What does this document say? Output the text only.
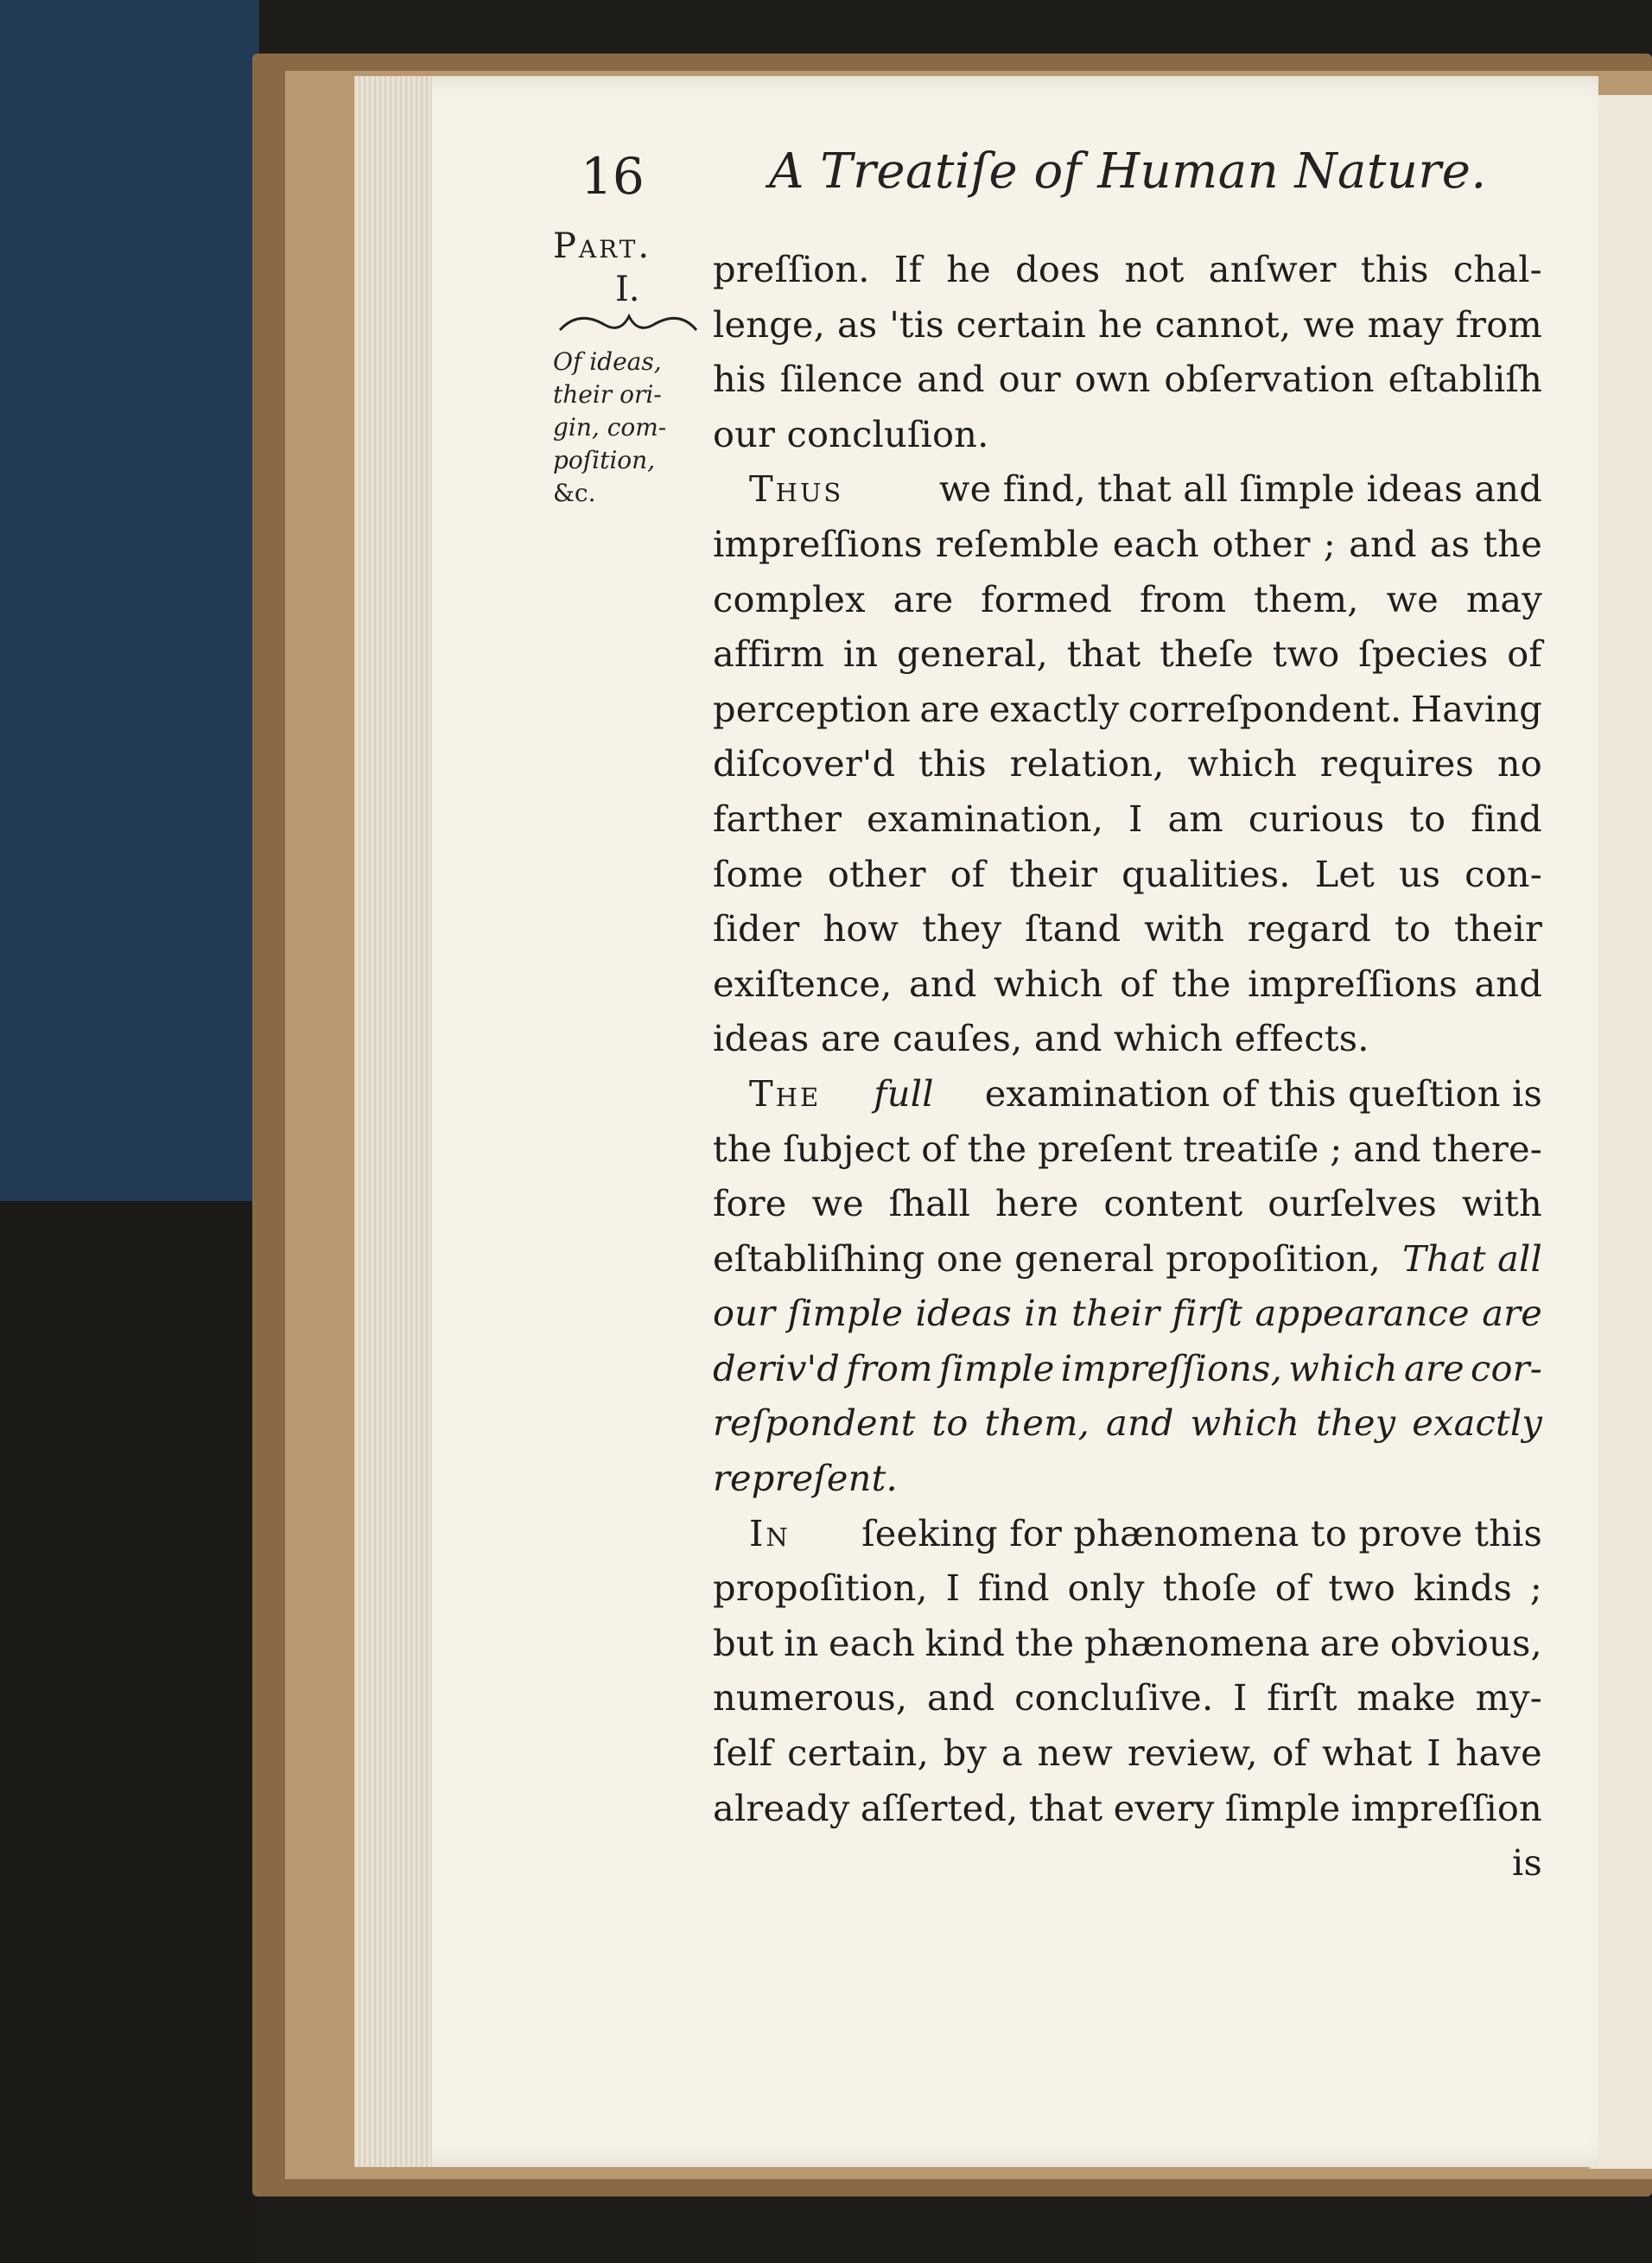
16	A Treatiſe of Human Nature.
Part.
I.
Of ideas,
their ori-
gin, com-
poſition,
&c.
preſſion. If he does not anſwer this chal-
lenge, as 'tis certain he cannot, we may from
his ſilence and our own obſervation eſtabliſh
our concluſion.
Thus	we find, that all ſimple ideas and
impreſſions reſemble each other ; and as the
complex are formed from them, we may
affirm in general, that theſe two ſpecies of
perception are exactly correſpondent. Having
diſcover'd this relation, which requires no
farther examination, I am curious to find
ſome other of their qualities. Let us con-
ſider how they ſtand with regard to their
exiſtence, and which of the impreſſions and
ideas are cauſes, and which effects.
The full examination of this queſtion is
the ſubject of the preſent treatiſe ; and there-
fore we ſhall here content ourſelves with
eſtabliſhing one general propoſition, That all
our ſimple ideas in their firſt appearance are
deriv'd from ſimple impreſſions, which are cor-
reſpondent to them, and which they exactly
repreſent.
In ſeeking for phænomena to prove this
propoſition, I find only thoſe of two kinds ;
but in each kind the phænomena are obvious,
numerous, and concluſive. I firſt make my-
ſelf certain, by a new review, of what I have
already aſſerted, that every ſimple impreſſion
is
